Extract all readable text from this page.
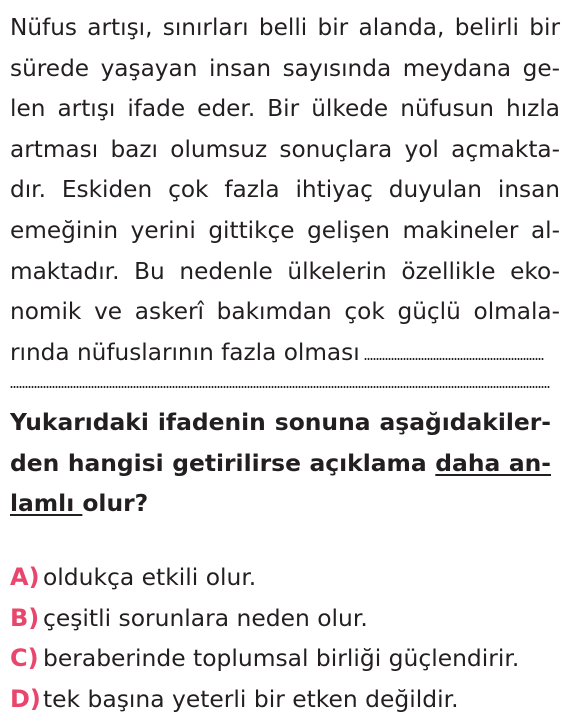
Nüfus artışı, sınırları belli bir alanda, belirli bir
sürede yaşayan insan sayısında meydana ge-
len artışı ifade eder. Bir ülkede nüfusun hızla
artması bazı olumsuz sonuçlara yol açmakta-
dır. Eskiden çok fazla ihtiyaç duyulan insan
emeğinin yerini gittikçe gelişen makineler al-
maktadır. Bu nedenle ülkelerin özellikle eko-
nomik ve askerî bakımdan çok güçlü olmala-
rında nüfuslarının fazla olması
Yukarıdaki ifadenin sonuna aşağıdakiler-
den hangisi getirilirse açıklama daha an-
lamlı olur?
A) oldukça etkili olur.
B) çeşitli sorunlara neden olur.
C) beraberinde toplumsal birliği güçlendirir.
D)tek başına yeterli bir etken değildir.
